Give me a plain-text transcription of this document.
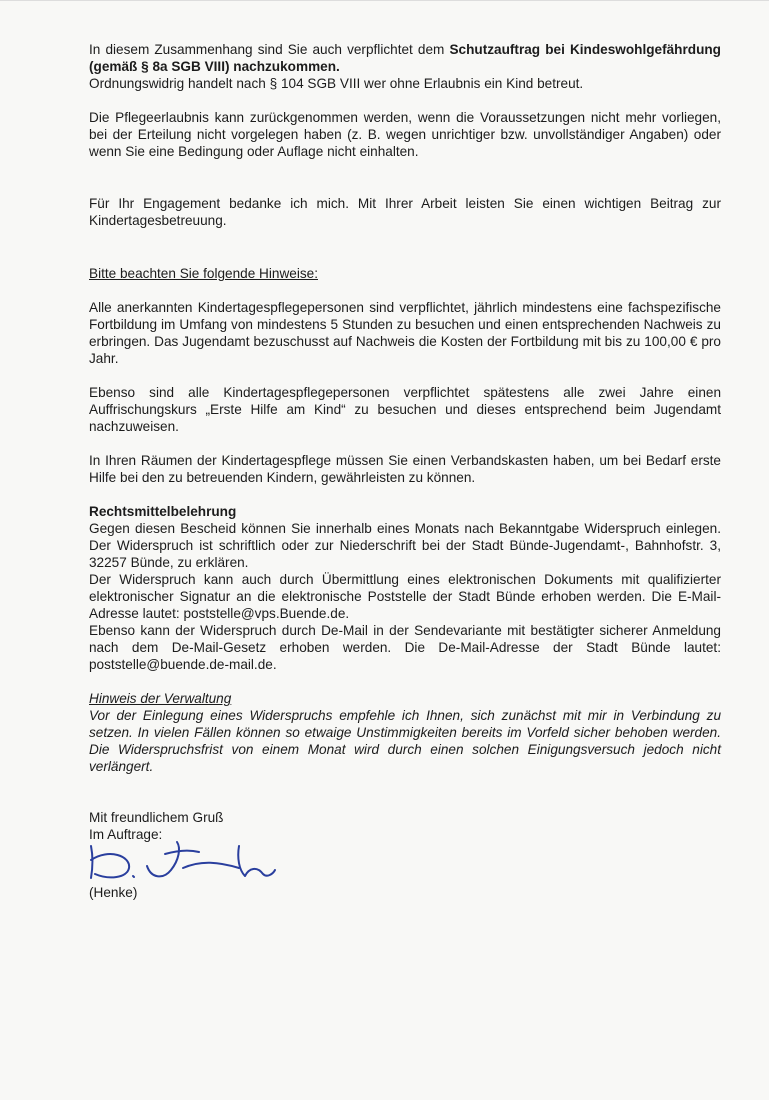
In diesem Zusammenhang sind Sie auch verpflichtet dem Schutzauftrag bei Kindeswohlgefährdung (gemäß § 8a SGB VIII) nachzukommen.

Ordnungswidrig handelt nach § 104 SGB VIII wer ohne Erlaubnis ein Kind betreut.

Die Pflegeerlaubnis kann zurückgenommen werden, wenn die Voraussetzungen nicht mehr vorliegen, bei der Erteilung nicht vorgelegen haben (z. B. wegen unrichtiger bzw. unvollständiger Angaben) oder wenn Sie eine Bedingung oder Auflage nicht einhalten.

Für Ihr Engagement bedanke ich mich. Mit Ihrer Arbeit leisten Sie einen wichtigen Beitrag zur Kindertagesbetreuung.

Bitte beachten Sie folgende Hinweise:

Alle anerkannten Kindertagespflegepersonen sind verpflichtet, jährlich mindestens eine fachspezifische Fortbildung im Umfang von mindestens 5 Stunden zu besuchen und einen entsprechenden Nachweis zu erbringen. Das Jugendamt bezuschusst auf Nachweis die Kosten der Fortbildung mit bis zu 100,00 € pro Jahr.

Ebenso sind alle Kindertagespflegepersonen verpflichtet spätestens alle zwei Jahre einen Auffrischungskurs „Erste Hilfe am Kind“ zu besuchen und dieses entsprechend beim Jugendamt nachzuweisen.

In Ihren Räumen der Kindertagespflege müssen Sie einen Verbandskasten haben, um bei Bedarf erste Hilfe bei den zu betreuenden Kindern, gewährleisten zu können.

Rechtsmittelbelehrung

Gegen diesen Bescheid können Sie innerhalb eines Monats nach Bekanntgabe Widerspruch einlegen. Der Widerspruch ist schriftlich oder zur Niederschrift bei der Stadt Bünde-Jugendamt-, Bahnhofstr. 3, 32257 Bünde, zu erklären.

Der Widerspruch kann auch durch Übermittlung eines elektronischen Dokuments mit qualifizierter elektronischer Signatur an die elektronische Poststelle der Stadt Bünde erhoben werden. Die E-Mail-Adresse lautet: poststelle@vps.Buende.de.

Ebenso kann der Widerspruch durch De-Mail in der Sendevariante mit bestätigter sicherer Anmeldung nach dem De-Mail-Gesetz erhoben werden. Die De-Mail-Adresse der Stadt Bünde lautet: poststelle@buende.de-mail.de.

Hinweis der Verwaltung

Vor der Einlegung eines Widerspruchs empfehle ich Ihnen, sich zunächst mit mir in Verbindung zu setzen. In vielen Fällen können so etwaige Unstimmigkeiten bereits im Vorfeld sicher behoben werden. Die Widerspruchsfrist von einem Monat wird durch einen solchen Einigungsversuch jedoch nicht verlängert.

Mit freundlichem Gruß

Im Auftrage:

(Henke)
